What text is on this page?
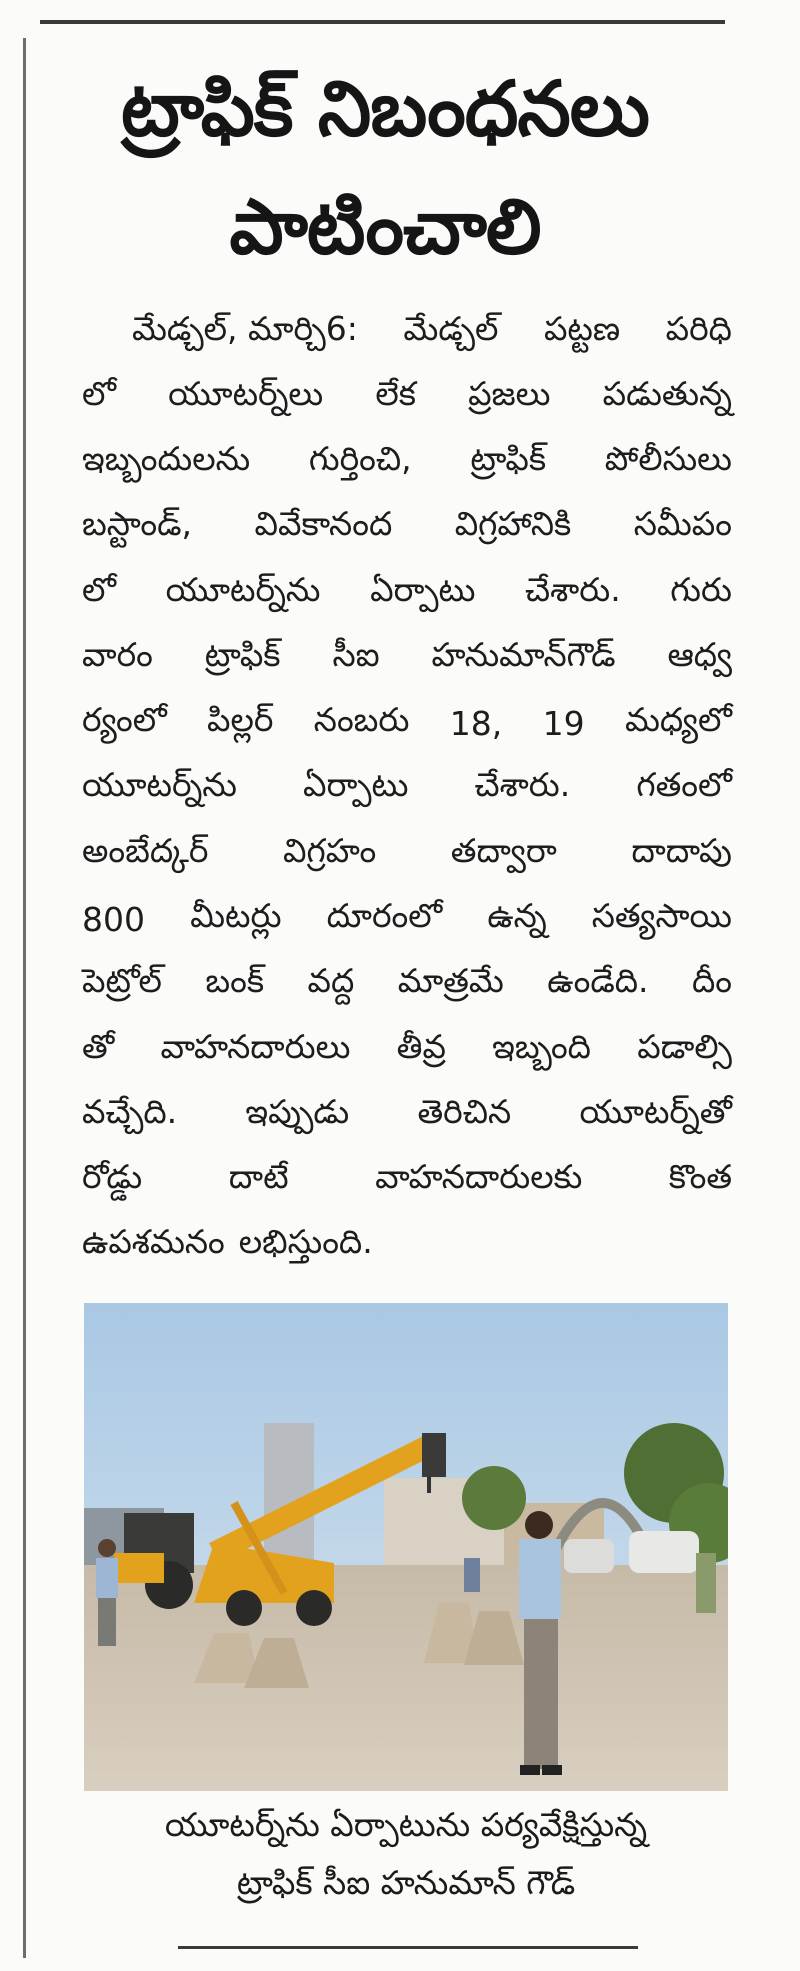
ట్రాఫిక్ నిబంధనలు
పాటించాలి
మేడ్చల్, మార్చి6: మేడ్చల్ పట్టణ పరిధి
లో యూటర్న్‌లు లేక ప్రజలు పడుతున్న
ఇబ్బందులను గుర్తించి, ట్రాఫిక్ పోలీసులు
బస్టాండ్, వివేకానంద విగ్రహానికి సమీపం
లో యూటర్న్‌ను ఏర్పాటు చేశారు. గురు
వారం ట్రాఫిక్ సీఐ హనుమాన్‌గౌడ్ ఆధ్వ
ర్యంలో పిల్లర్ నంబరు 18, 19 మధ్యలో
యూటర్న్‌ను ఏర్పాటు చేశారు. గతంలో
అంబేద్కర్ విగ్రహం తద్వారా దాదాపు
800 మీటర్లు దూరంలో ఉన్న సత్యసాయి
పెట్రోల్ బంక్ వద్ద మాత్రమే ఉండేది. దీం
తో వాహనదారులు తీవ్ర ఇబ్బంది పడాల్సి
వచ్చేది. ఇప్పుడు తెరిచిన యూటర్న్‌తో
రోడ్డు	దాటే	వాహనదారులకు	కొంత
ఉపశమనం లభిస్తుంది.
యూటర్న్‌ను ఏర్పాటును పర్యవేక్షిస్తున్న
ట్రాఫిక్ సీఐ హనుమాన్ గౌడ్
